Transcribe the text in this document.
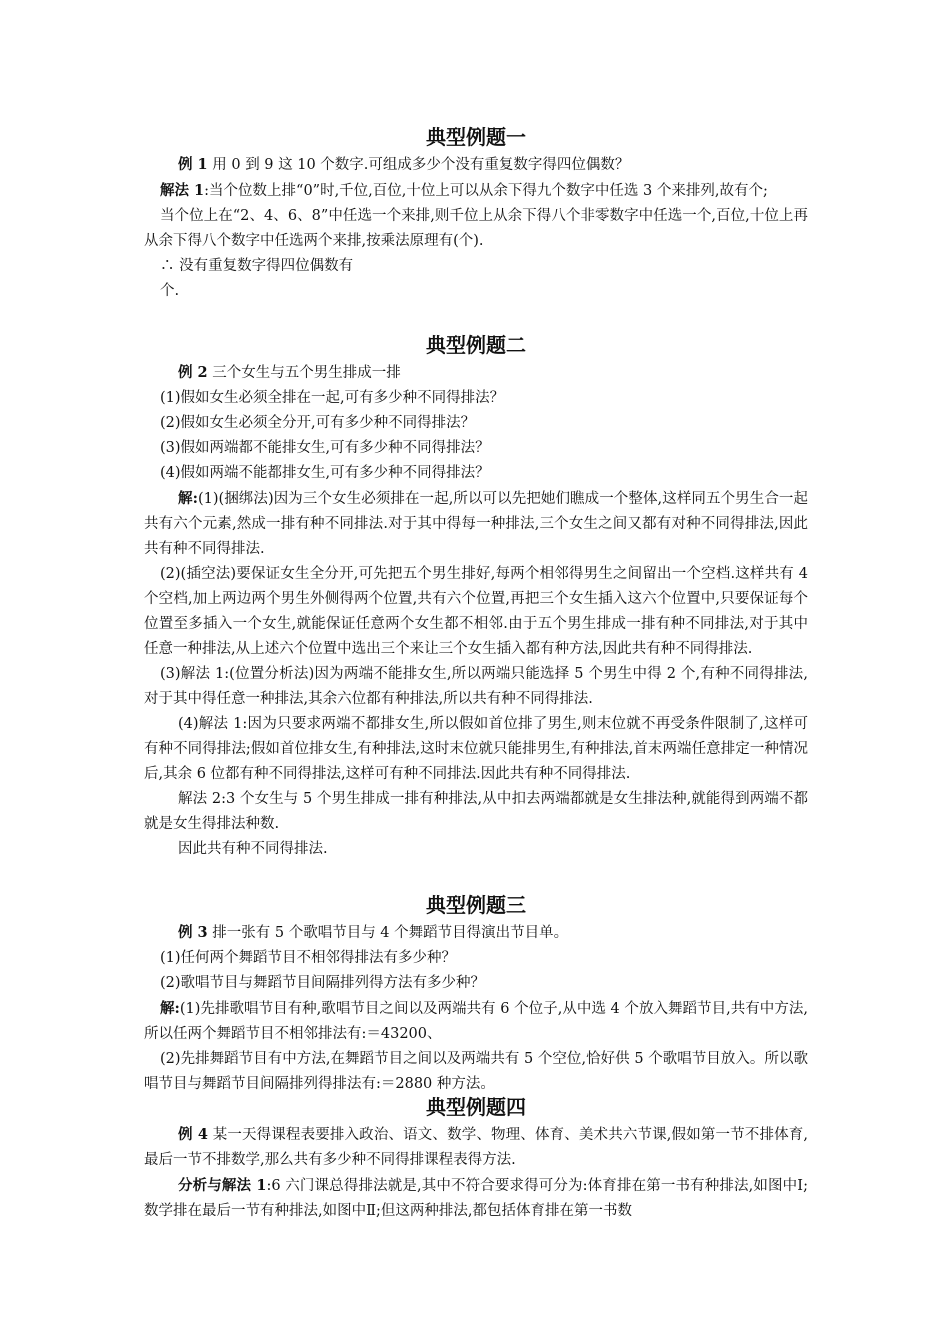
典型例题一

例 1 用 0 到 9 这 10 个数字.可组成多少个没有重复数字得四位偶数？

解法 1:当个位数上排“0”时,千位,百位,十位上可以从余下得九个数字中任选 3 个来排列,故有个;

当个位上在“2、4、6、8”中任选一个来排,则千位上从余下得八个非零数字中任选一个,百位,十位上再从余下得八个数字中任选两个来排,按乘法原理有(个).

∴ 没有重复数字得四位偶数有

个.

典型例题二

例 2 三个女生与五个男生排成一排

(1)假如女生必须全排在一起,可有多少种不同得排法？

(2)假如女生必须全分开,可有多少种不同得排法？

(3)假如两端都不能排女生,可有多少种不同得排法？

(4)假如两端不能都排女生,可有多少种不同得排法？

解:(1)(捆绑法)因为三个女生必须排在一起,所以可以先把她们瞧成一个整体,这样同五个男生合一起共有六个元素,然成一排有种不同排法.对于其中得每一种排法,三个女生之间又都有对种不同得排法,因此共有种不同得排法.

(2)(插空法)要保证女生全分开,可先把五个男生排好,每两个相邻得男生之间留出一个空档.这样共有 4 个空档,加上两边两个男生外侧得两个位置,共有六个位置,再把三个女生插入这六个位置中,只要保证每个位置至多插入一个女生,就能保证任意两个女生都不相邻.由于五个男生排成一排有种不同排法,对于其中任意一种排法,从上述六个位置中选出三个来让三个女生插入都有种方法,因此共有种不同得排法.

(3)解法 1:(位置分析法)因为两端不能排女生,所以两端只能选择 5 个男生中得 2 个,有种不同得排法,对于其中得任意一种排法,其余六位都有种排法,所以共有种不同得排法.

(4)解法 1:因为只要求两端不都排女生,所以假如首位排了男生,则末位就不再受条件限制了,这样可有种不同得排法;假如首位排女生,有种排法,这时末位就只能排男生,有种排法,首末两端任意排定一种情况后,其余 6 位都有种不同得排法,这样可有种不同排法.因此共有种不同得排法.

解法 2:3 个女生与 5 个男生排成一排有种排法,从中扣去两端都就是女生排法种,就能得到两端不都就是女生得排法种数.

因此共有种不同得排法.

典型例题三

例 3 排一张有 5 个歌唱节目与 4 个舞蹈节目得演出节目单。

(1)任何两个舞蹈节目不相邻得排法有多少种？

(2)歌唱节目与舞蹈节目间隔排列得方法有多少种？

解:(1)先排歌唱节目有种,歌唱节目之间以及两端共有 6 个位子,从中选 4 个放入舞蹈节目,共有中方法,所以任两个舞蹈节目不相邻排法有:＝43200、

(2)先排舞蹈节目有中方法,在舞蹈节目之间以及两端共有 5 个空位,恰好供 5 个歌唱节目放入。所以歌唱节目与舞蹈节目间隔排列得排法有:＝2880 种方法。

典型例题四

例 4 某一天得课程表要排入政治、语文、数学、物理、体育、美术共六节课,假如第一节不排体育,最后一节不排数学,那么共有多少种不同得排课程表得方法.

分析与解法 1:6 六门课总得排法就是,其中不符合要求得可分为:体育排在第一书有种排法,如图中Ⅰ;数学排在最后一节有种排法,如图中Ⅱ;但这两种排法,都包括体育排在第一书数
